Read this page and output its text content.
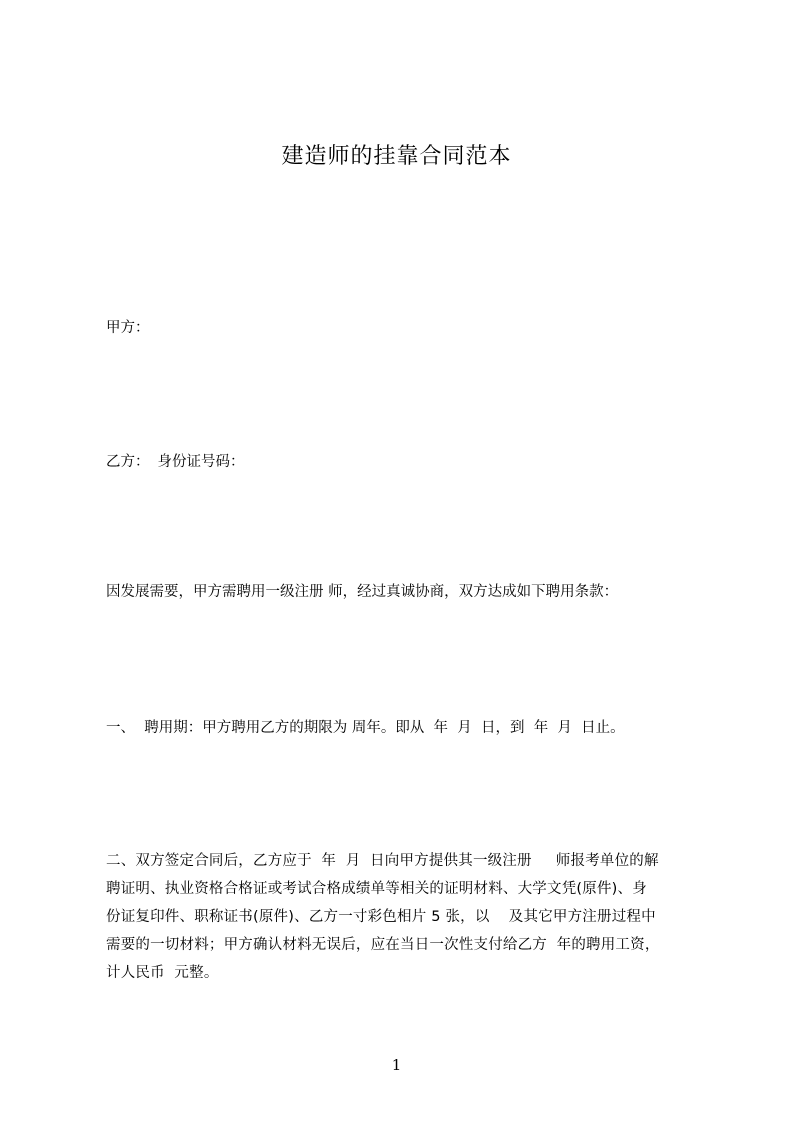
建造师的挂靠合同范本
甲方：
乙方： 身份证号码：
因发展需要，甲方需聘用一级注册 师，经过真诚协商，双方达成如下聘用条款：
一、  聘用期：甲方聘用乙方的期限为 周年。即从  年  月  日，到  年  月  日止。
二、双方签定合同后，乙方应于  年  月  日向甲方提供其一级注册     师报考单位的解
聘证明、执业资格合格证或考试合格成绩单等相关的证明材料、大学文凭(原件)、身
份证复印件、职称证书(原件)、乙方一寸彩色相片 5 张，以    及其它甲方注册过程中
需要的一切材料；甲方确认材料无误后，应在当日一次性支付给乙方  年的聘用工资，
计人民币  元整。
1
